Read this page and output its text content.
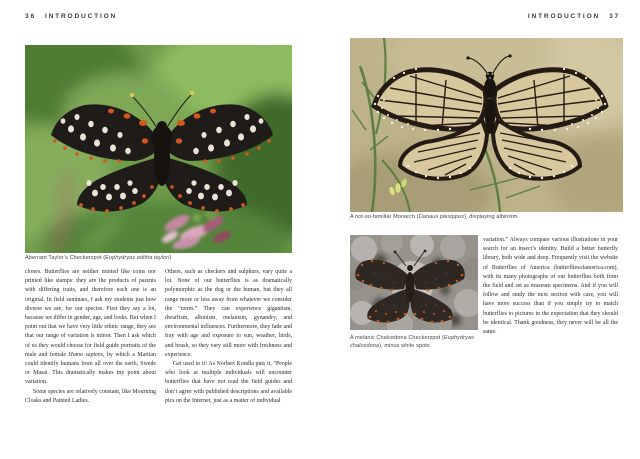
36 INTRODUCTION	INTRODUCTION 37
Aberrant Taylor’s Checkerspot (Euphydryas editha taylori)

clones. Butterflies are neither minted like coins nor printed like stamps: they are the products of parents with differing traits, and therefore each one is an original. In field seminars, I ask my students just how diverse we are, for our species. First they say a lot, because we differ in gender, age, and looks. But when I point out that we have very little ethnic range, they see that our range of variation is minor. Then I ask which of us they would choose for field guide portraits of the male and female Homo sapiens, by which a Martian could identify humans from all over the earth, Swede or Masai. This dramatically makes my point about variation.

Some species are relatively constant, like Mourning Cloaks and Painted Ladies.

Others, such as checkers and sulphurs, vary quite a lot. None of our butterflies is as dramatically polymorphic as the dog or the human, but they all range more or less away from whatever we consider the “norm.” They can experience gigantism, dwarfism, albinism, melanism, gynandry, and environmental influences. Furthermore, they fade and fray with age and exposure to sun, weather, birds, and brush, so they vary still more with freshness and experience.

Get used to it! As Norbert Kondla puts it, “People who look at multiple individuals will encounter butterflies that have not read the field guides and don’t agree with published descriptions and available pics on the Internet, just as a matter of individual

A not-so-familiar Monarch (Danaus plexippus), displaying albinism
A melanic Chalcedona Checkerspot (Euphydryas chalcedona), minus white spots

variation.” Always compare various illustrations in your search for an insect’s identity. Build a better butterfly library, both wide and deep. Frequently visit the website of Butterflies of America (butterfliesofamerica.com), with its many photographs of our butterflies both from the field and set as museum specimens. And if you will follow and study the next section with care, you will have more success than if you simply try to match butterflies to pictures in the expectation that they should be identical. Thank goodness, they never will be all the same.
